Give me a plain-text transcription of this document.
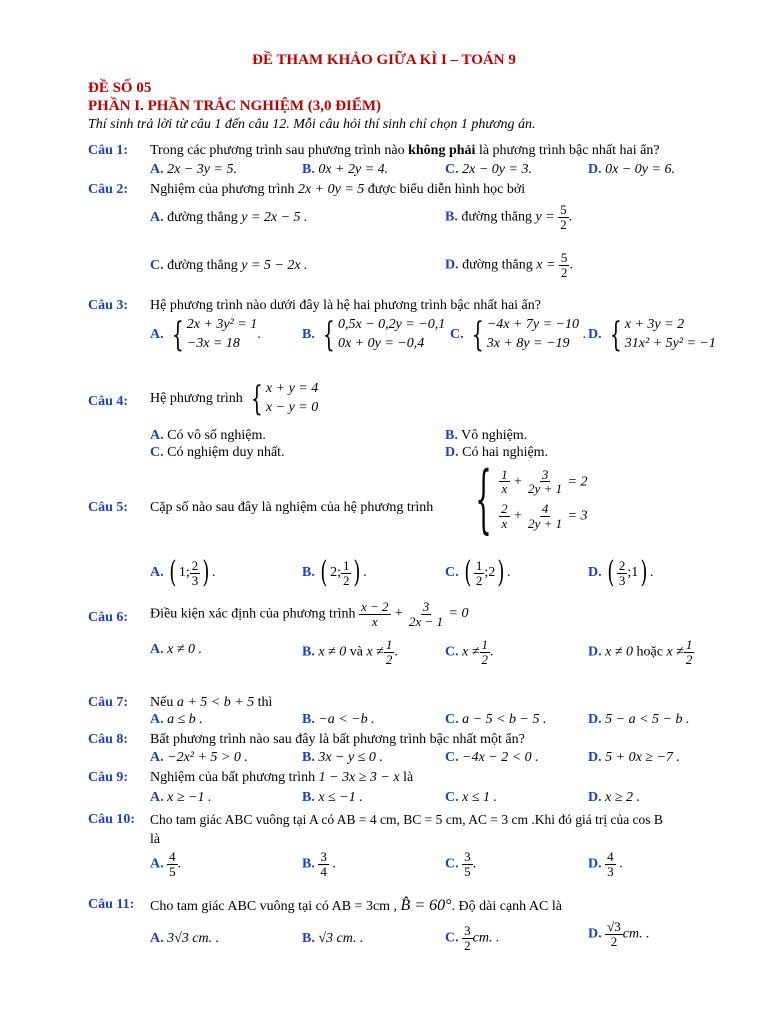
ĐỀ THAM KHẢO GIỮA KÌ I – TOÁN 9
ĐỀ SỐ 05
PHẦN I. PHẦN TRẮC NGHIỆM (3,0 ĐIỂM)
Thí sinh trả lời từ câu 1 đến câu 12. Mỗi câu hỏi thí sinh chỉ chọn 1 phương án.
Câu 1: Trong các phương trình sau phương trình nào không phải là phương trình bậc nhất hai ẩn?
A. 2x − 3y = 5.	B. 0x + 2y = 4.	C. 2x − 0y = 3.	D. 0x − 0y = 6.
Câu 2: Nghiệm của phương trình 2x + 0y = 5 được biểu diễn hình học bởi
A. đường thẳng y = 2x − 5 .	B. đường thẳng $y = \frac{5}{2}$ .
C. đường thẳng y = 5 − 2x .	D. đường thẳng $x = \frac{5}{2}$ .
Câu 3: Hệ phương trình nào dưới đây là hệ hai phương trình bậc nhất hai ẩn?
A. { 2x + 3y² = 1
−3x = 18
.	B. { 0,5x − 0,2y = −0,1
0x + 0y = −0,4
C. { −4x + 7y = −10
3x + 8y = −19
. D. { x + 3y = 2
31x² + 5y² = −1
Câu 4: Hệ phương trình { x + y = 4
x − y = 0
A. Có vô số nghiệm.	B. Vô nghiệm.
C. Có nghiệm duy nhất.	D. Có hai nghiệm.
Câu 5: Cặp số nào sau đây là nghiệm của hệ phương trình { $\frac{1}{x} + \frac{3}{2y + 1} = 2$
$\frac{2}{x} + \frac{4}{2y + 1} = 3$
A. ( 1; $\frac{2}{3}$ ) .	B. ( 2; $\frac{1}{2}$ ) .	C. ( $\frac{1}{2}$ ;2) .	D. ( $\frac{2}{3}$ ;1) .
Câu 6: Điều kiện xác định của phương trình $\frac{x - 2}{x} + \frac{3}{2x - 1} = 0$
A. x ≠ 0 .	B. x ≠ 0 và $x \ne \frac{1}{2}$ .	C. $x \ne \frac{1}{2}$ .	D. x ≠ 0 hoặc $x \ne \frac{1}{2}$
Câu 7: Nếu a + 5 < b + 5 thì
A. a ≤ b .	B. −a < −b .	C. a − 5 < b − 5 .	D. 5 − a < 5 − b .
Câu 8: Bất phương trình nào sau đây là bất phương trình bậc nhất một ẩn?
A. −2x² + 5 > 0 .	B. 3x − y ≤ 0 .	C. −4x − 2 < 0 .	D. 5 + 0x ≥ −7 .
Câu 9: Nghiệm của bất phương trình 1 − 3x ≥ 3 − x là
A. x ≥ −1 .	B. x ≤ −1 .	C. x ≤ 1 .	D. x ≥ 2 .
Câu 10: Cho tam giác ABC vuông tại A có AB = 4 cm, BC = 5 cm, AC = 3 cm .Khi đó giá trị của cos B
là
A. $\frac{4}{5}$ .	B. $\frac{3}{4}$ .	C. $\frac{3}{5}$ .	D. $\frac{4}{3}$ .
Câu 11: Cho tam giác ABC vuông tại có AB = 3cm , B̂ = 60°. Độ dài cạnh AC là
A. 3√3 cm. .	B. √3 cm. .	C. $\frac{3}{2}$ cm. .	D. $\frac{√3}{2}$ cm. .
